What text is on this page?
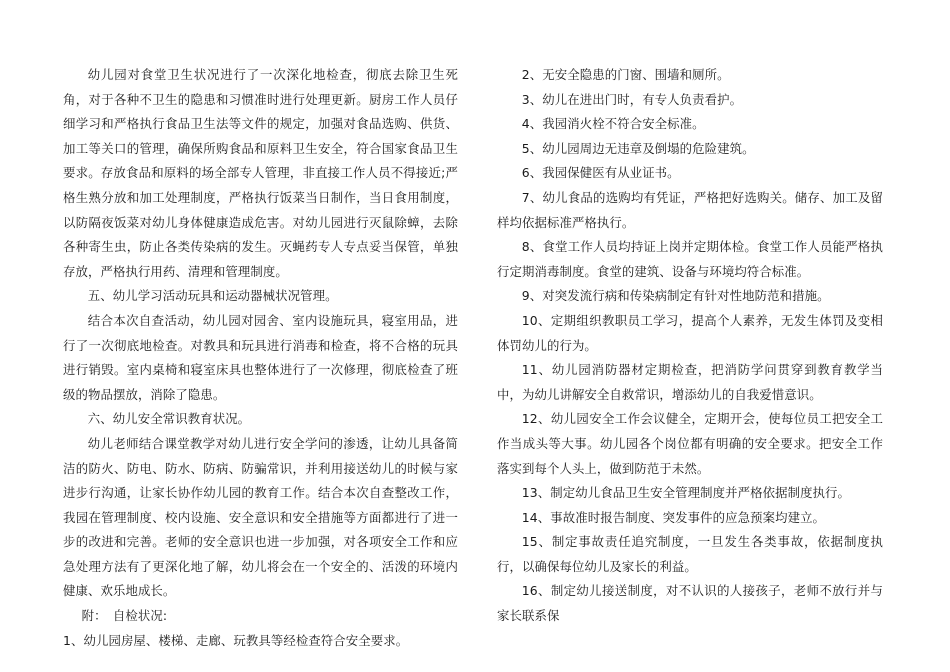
幼儿园对食堂卫生状况进行了一次深化地检查，彻底去除卫生死角，对于各种不卫生的隐患和习惯准时进行处理更新。厨房工作人员仔细学习和严格执行食品卫生法等文件的规定，加强对食品选购、供货、加工等关口的管理，确保所购食品和原料卫生安全，符合国家食品卫生要求。存放食品和原料的场全部专人管理，非直接工作人员不得接近;严格生熟分放和加工处理制度，严格执行饭菜当日制作，当日食用制度，以防隔夜饭菜对幼儿身体健康造成危害。对幼儿园进行灭鼠除蟑，去除各种寄生虫，防止各类传染病的发生。灭蝇药专人专点妥当保管，单独存放，严格执行用药、清理和管理制度。

五、幼儿学习活动玩具和运动器械状况管理。

结合本次自查活动，幼儿园对园舍、室内设施玩具，寝室用品，进行了一次彻底地检查。对教具和玩具进行消毒和检查，将不合格的玩具进行销毁。室内桌椅和寝室床具也整体进行了一次修理，彻底检查了班级的物品摆放，消除了隐患。

六、幼儿安全常识教育状况。

幼儿老师结合课堂教学对幼儿进行安全学问的渗透，让幼儿具备简洁的防火、防电、防水、防病、防骗常识，并利用接送幼儿的时候与家进步行沟通，让家长协作幼儿园的教育工作。结合本次自查整改工作，我园在管理制度、校内设施、安全意识和安全措施等方面都进行了进一步的改进和完善。老师的安全意识也进一步加强，对各项安全工作和应急处理方法有了更深化地了解，幼儿将会在一个安全的、活泼的环境内健康、欢乐地成长。

附：　自检状况:

1、幼儿园房屋、楼梯、走廊、玩教具等经检查符合安全要求。

2、无安全隐患的门窗、围墙和厕所。

3、幼儿在进出门时，有专人负责看护。

4、我园消火栓不符合安全标准。

5、幼儿园周边无违章及倒塌的危险建筑。

6、我园保健医有从业证书。

7、幼儿食品的选购均有凭证，严格把好选购关。储存、加工及留样均依据标准严格执行。

8、食堂工作人员均持证上岗并定期体检。食堂工作人员能严格执行定期消毒制度。食堂的建筑、设备与环境均符合标准。

9、对突发流行病和传染病制定有针对性地防范和措施。

10、定期组织教职员工学习，提高个人素养，无发生体罚及变相体罚幼儿的行为。

11、幼儿园消防器材定期检查，把消防学问贯穿到教育教学当中，为幼儿讲解安全自救常识，增添幼儿的自我爱惜意识。

12、幼儿园安全工作会议健全，定期开会，使每位员工把安全工作当成头等大事。幼儿园各个岗位都有明确的安全要求。把安全工作落实到每个人头上，做到防范于未然。

13、制定幼儿食品卫生安全管理制度并严格依据制度执行。

14、事故准时报告制度、突发事件的应急预案均建立。

15、制定事故责任追究制度，一旦发生各类事故，依据制度执行，以确保每位幼儿及家长的利益。

16、制定幼儿接送制度，对不认识的人接孩子，老师不放行并与家长联系保
